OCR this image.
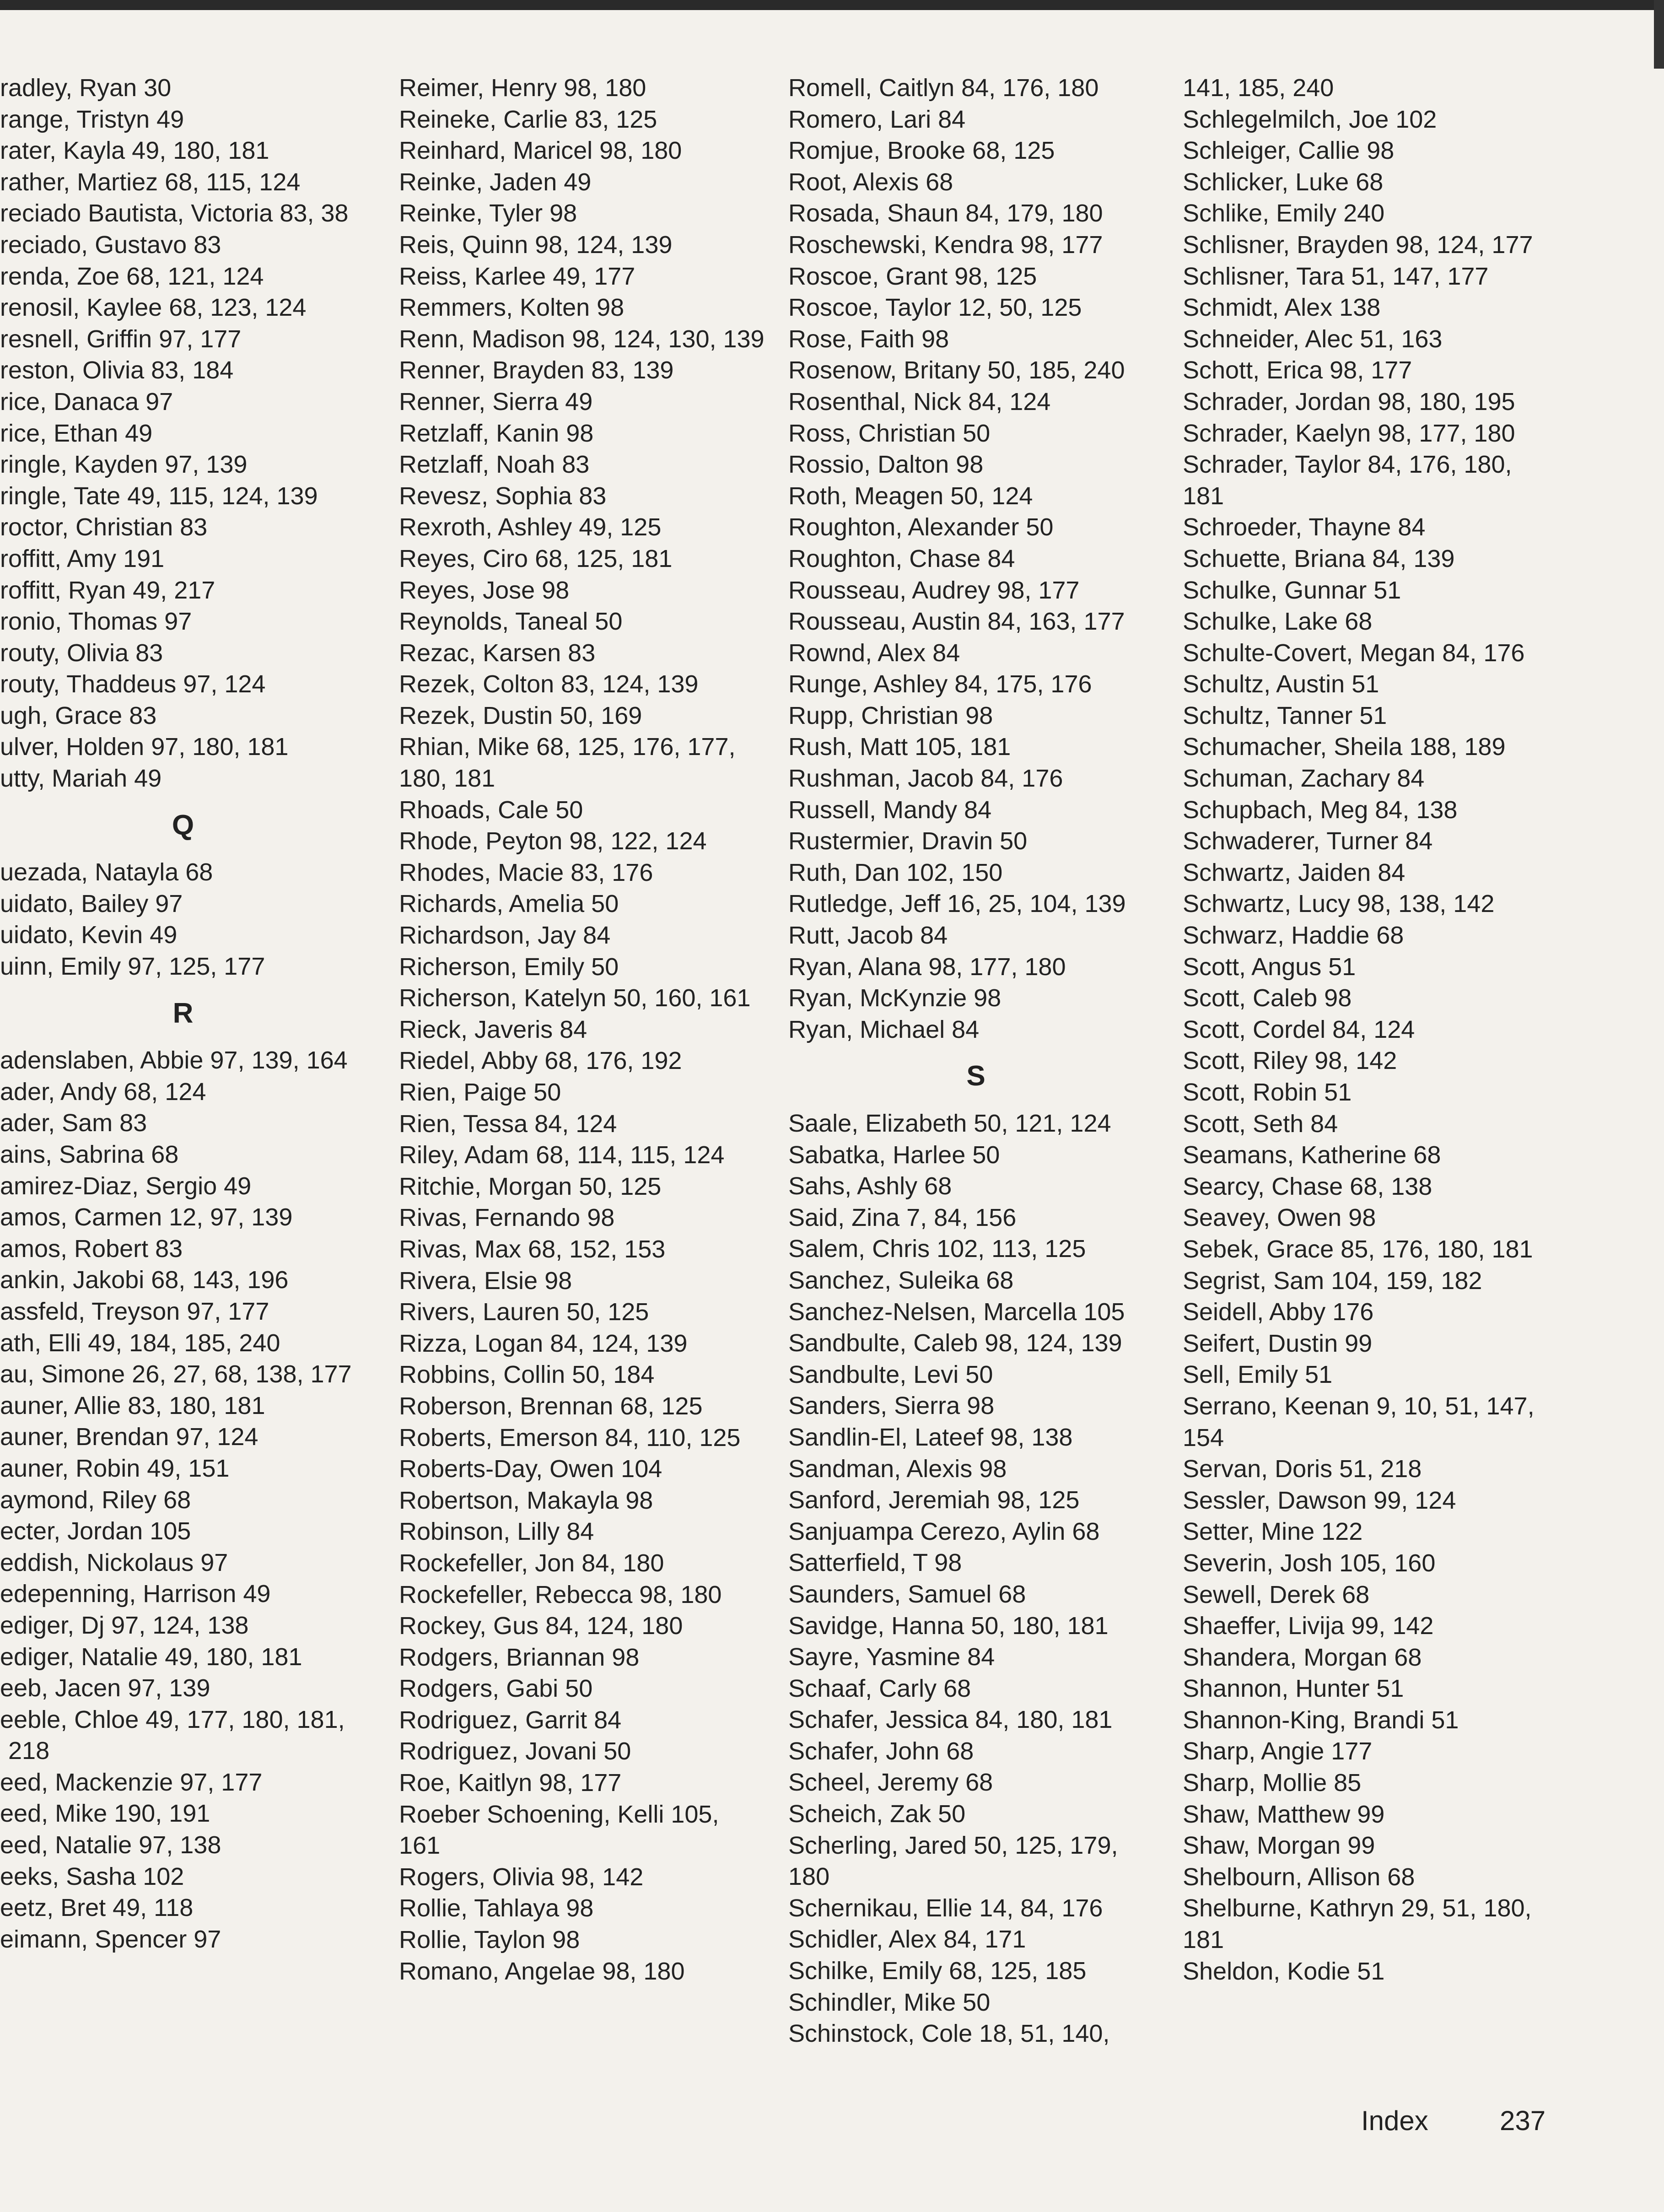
radley, Ryan 30
range, Tristyn 49
rater, Kayla 49, 180, 181
rather, Martiez 68, 115, 124
reciado Bautista, Victoria 83, 38
reciado, Gustavo 83
renda, Zoe 68, 121, 124
renosil, Kaylee 68, 123, 124
resnell, Griffin 97, 177
reston, Olivia 83, 184
rice, Danaca 97
rice, Ethan 49
ringle, Kayden 97, 139
ringle, Tate 49, 115, 124, 139
roctor, Christian 83
roffitt, Amy 191
roffitt, Ryan 49, 217
ronio, Thomas 97
routy, Olivia 83
routy, Thaddeus 97, 124
ugh, Grace 83
ulver, Holden 97, 180, 181
utty, Mariah 49
Q
uezada, Natayla 68
uidato, Bailey 97
uidato, Kevin 49
uinn, Emily 97, 125, 177
R
adenslaben, Abbie 97, 139, 164
ader, Andy 68, 124
ader, Sam 83
ains, Sabrina 68
amirez-Diaz, Sergio 49
amos, Carmen 12, 97, 139
amos, Robert 83
ankin, Jakobi 68, 143, 196
assfeld, Treyson 97, 177
ath, Elli 49, 184, 185, 240
au, Simone 26, 27, 68, 138, 177
auner, Allie 83, 180, 181
auner, Brendan 97, 124
auner, Robin 49, 151
aymond, Riley 68
ecter, Jordan 105
eddish, Nickolaus 97
edepenning, Harrison 49
ediger, Dj 97, 124, 138
ediger, Natalie 49, 180, 181
eeb, Jacen 97, 139
eeble, Chloe 49, 177, 180, 181, 218
eed, Mackenzie 97, 177
eed, Mike 190, 191
eed, Natalie 97, 138
eeks, Sasha 102
eetz, Bret 49, 118
eimann, Spencer 97
Reimer, Henry 98, 180
Reineke, Carlie 83, 125
Reinhard, Maricel 98, 180
Reinke, Jaden 49
Reinke, Tyler 98
Reis, Quinn 98, 124, 139
Reiss, Karlee 49, 177
Remmers, Kolten 98
Renn, Madison 98, 124, 130, 139
Renner, Brayden 83, 139
Renner, Sierra 49
Retzlaff, Kanin 98
Retzlaff, Noah 83
Revesz, Sophia 83
Rexroth, Ashley 49, 125
Reyes, Ciro 68, 125, 181
Reyes, Jose 98
Reynolds, Taneal 50
Rezac, Karsen 83
Rezek, Colton 83, 124, 139
Rezek, Dustin 50, 169
Rhian, Mike 68, 125, 176, 177, 180, 181
Rhoads, Cale 50
Rhode, Peyton 98, 122, 124
Rhodes, Macie 83, 176
Richards, Amelia 50
Richardson, Jay 84
Richerson, Emily 50
Richerson, Katelyn 50, 160, 161
Rieck, Javeris 84
Riedel, Abby 68, 176, 192
Rien, Paige 50
Rien, Tessa 84, 124
Riley, Adam 68, 114, 115, 124
Ritchie, Morgan 50, 125
Rivas, Fernando 98
Rivas, Max 68, 152, 153
Rivera, Elsie 98
Rivers, Lauren 50, 125
Rizza, Logan 84, 124, 139
Robbins, Collin 50, 184
Roberson, Brennan 68, 125
Roberts, Emerson 84, 110, 125
Roberts-Day, Owen 104
Robertson, Makayla 98
Robinson, Lilly 84
Rockefeller, Jon 84, 180
Rockefeller, Rebecca 98, 180
Rockey, Gus 84, 124, 180
Rodgers, Briannan 98
Rodgers, Gabi 50
Rodriguez, Garrit 84
Rodriguez, Jovani 50
Roe, Kaitlyn 98, 177
Roeber Schoening, Kelli 105, 161
Rogers, Olivia 98, 142
Rollie, Tahlaya 98
Rollie, Taylon 98
Romano, Angelae 98, 180
Romell, Caitlyn 84, 176, 180
Romero, Lari 84
Romjue, Brooke 68, 125
Root, Alexis 68
Rosada, Shaun 84, 179, 180
Roschewski, Kendra 98, 177
Roscoe, Grant 98, 125
Roscoe, Taylor 12, 50, 125
Rose, Faith 98
Rosenow, Britany 50, 185, 240
Rosenthal, Nick 84, 124
Ross, Christian 50
Rossio, Dalton 98
Roth, Meagen 50, 124
Roughton, Alexander 50
Roughton, Chase 84
Rousseau, Audrey 98, 177
Rousseau, Austin 84, 163, 177
Rownd, Alex 84
Runge, Ashley 84, 175, 176
Rupp, Christian 98
Rush, Matt 105, 181
Rushman, Jacob 84, 176
Russell, Mandy 84
Rustermier, Dravin 50
Ruth, Dan 102, 150
Rutledge, Jeff 16, 25, 104, 139
Rutt, Jacob 84
Ryan, Alana 98, 177, 180
Ryan, McKynzie 98
Ryan, Michael 84
S
Saale, Elizabeth 50, 121, 124
Sabatka, Harlee 50
Sahs, Ashly 68
Said, Zina 7, 84, 156
Salem, Chris 102, 113, 125
Sanchez, Suleika 68
Sanchez-Nelsen, Marcella 105
Sandbulte, Caleb 98, 124, 139
Sandbulte, Levi 50
Sanders, Sierra 98
Sandlin-El, Lateef 98, 138
Sandman, Alexis 98
Sanford, Jeremiah 98, 125
Sanjuampa Cerezo, Aylin 68
Satterfield, T 98
Saunders, Samuel 68
Savidge, Hanna 50, 180, 181
Sayre, Yasmine 84
Schaaf, Carly 68
Schafer, Jessica 84, 180, 181
Schafer, John 68
Scheel, Jeremy 68
Scheich, Zak 50
Scherling, Jared 50, 125, 179, 180
Schernikau, Ellie 14, 84, 176
Schidler, Alex 84, 171
Schilke, Emily 68, 125, 185
Schindler, Mike 50
Schinstock, Cole 18, 51, 140,
141, 185, 240
Schlegelmilch, Joe 102
Schleiger, Callie 98
Schlicker, Luke 68
Schlike, Emily 240
Schlisner, Brayden 98, 124, 177
Schlisner, Tara 51, 147, 177
Schmidt, Alex 138
Schneider, Alec 51, 163
Schott, Erica 98, 177
Schrader, Jordan 98, 180, 195
Schrader, Kaelyn 98, 177, 180
Schrader, Taylor 84, 176, 180, 181
Schroeder, Thayne 84
Schuette, Briana 84, 139
Schulke, Gunnar 51
Schulke, Lake 68
Schulte-Covert, Megan 84, 176
Schultz, Austin 51
Schultz, Tanner 51
Schumacher, Sheila 188, 189
Schuman, Zachary 84
Schupbach, Meg 84, 138
Schwaderer, Turner 84
Schwartz, Jaiden 84
Schwartz, Lucy 98, 138, 142
Schwarz, Haddie 68
Scott, Angus 51
Scott, Caleb 98
Scott, Cordel 84, 124
Scott, Riley 98, 142
Scott, Robin 51
Scott, Seth 84
Seamans, Katherine 68
Searcy, Chase 68, 138
Seavey, Owen 98
Sebek, Grace 85, 176, 180, 181
Segrist, Sam 104, 159, 182
Seidell, Abby 176
Seifert, Dustin 99
Sell, Emily 51
Serrano, Keenan 9, 10, 51, 147, 154
Servan, Doris 51, 218
Sessler, Dawson 99, 124
Setter, Mine 122
Severin, Josh 105, 160
Sewell, Derek 68
Shaeffer, Livija 99, 142
Shandera, Morgan 68
Shannon, Hunter 51
Shannon-King, Brandi 51
Sharp, Angie 177
Sharp, Mollie 85
Shaw, Matthew 99
Shaw, Morgan 99
Shelbourn, Allison 68
Shelburne, Kathryn 29, 51, 180, 181
Sheldon, Kodie 51
Index	237
